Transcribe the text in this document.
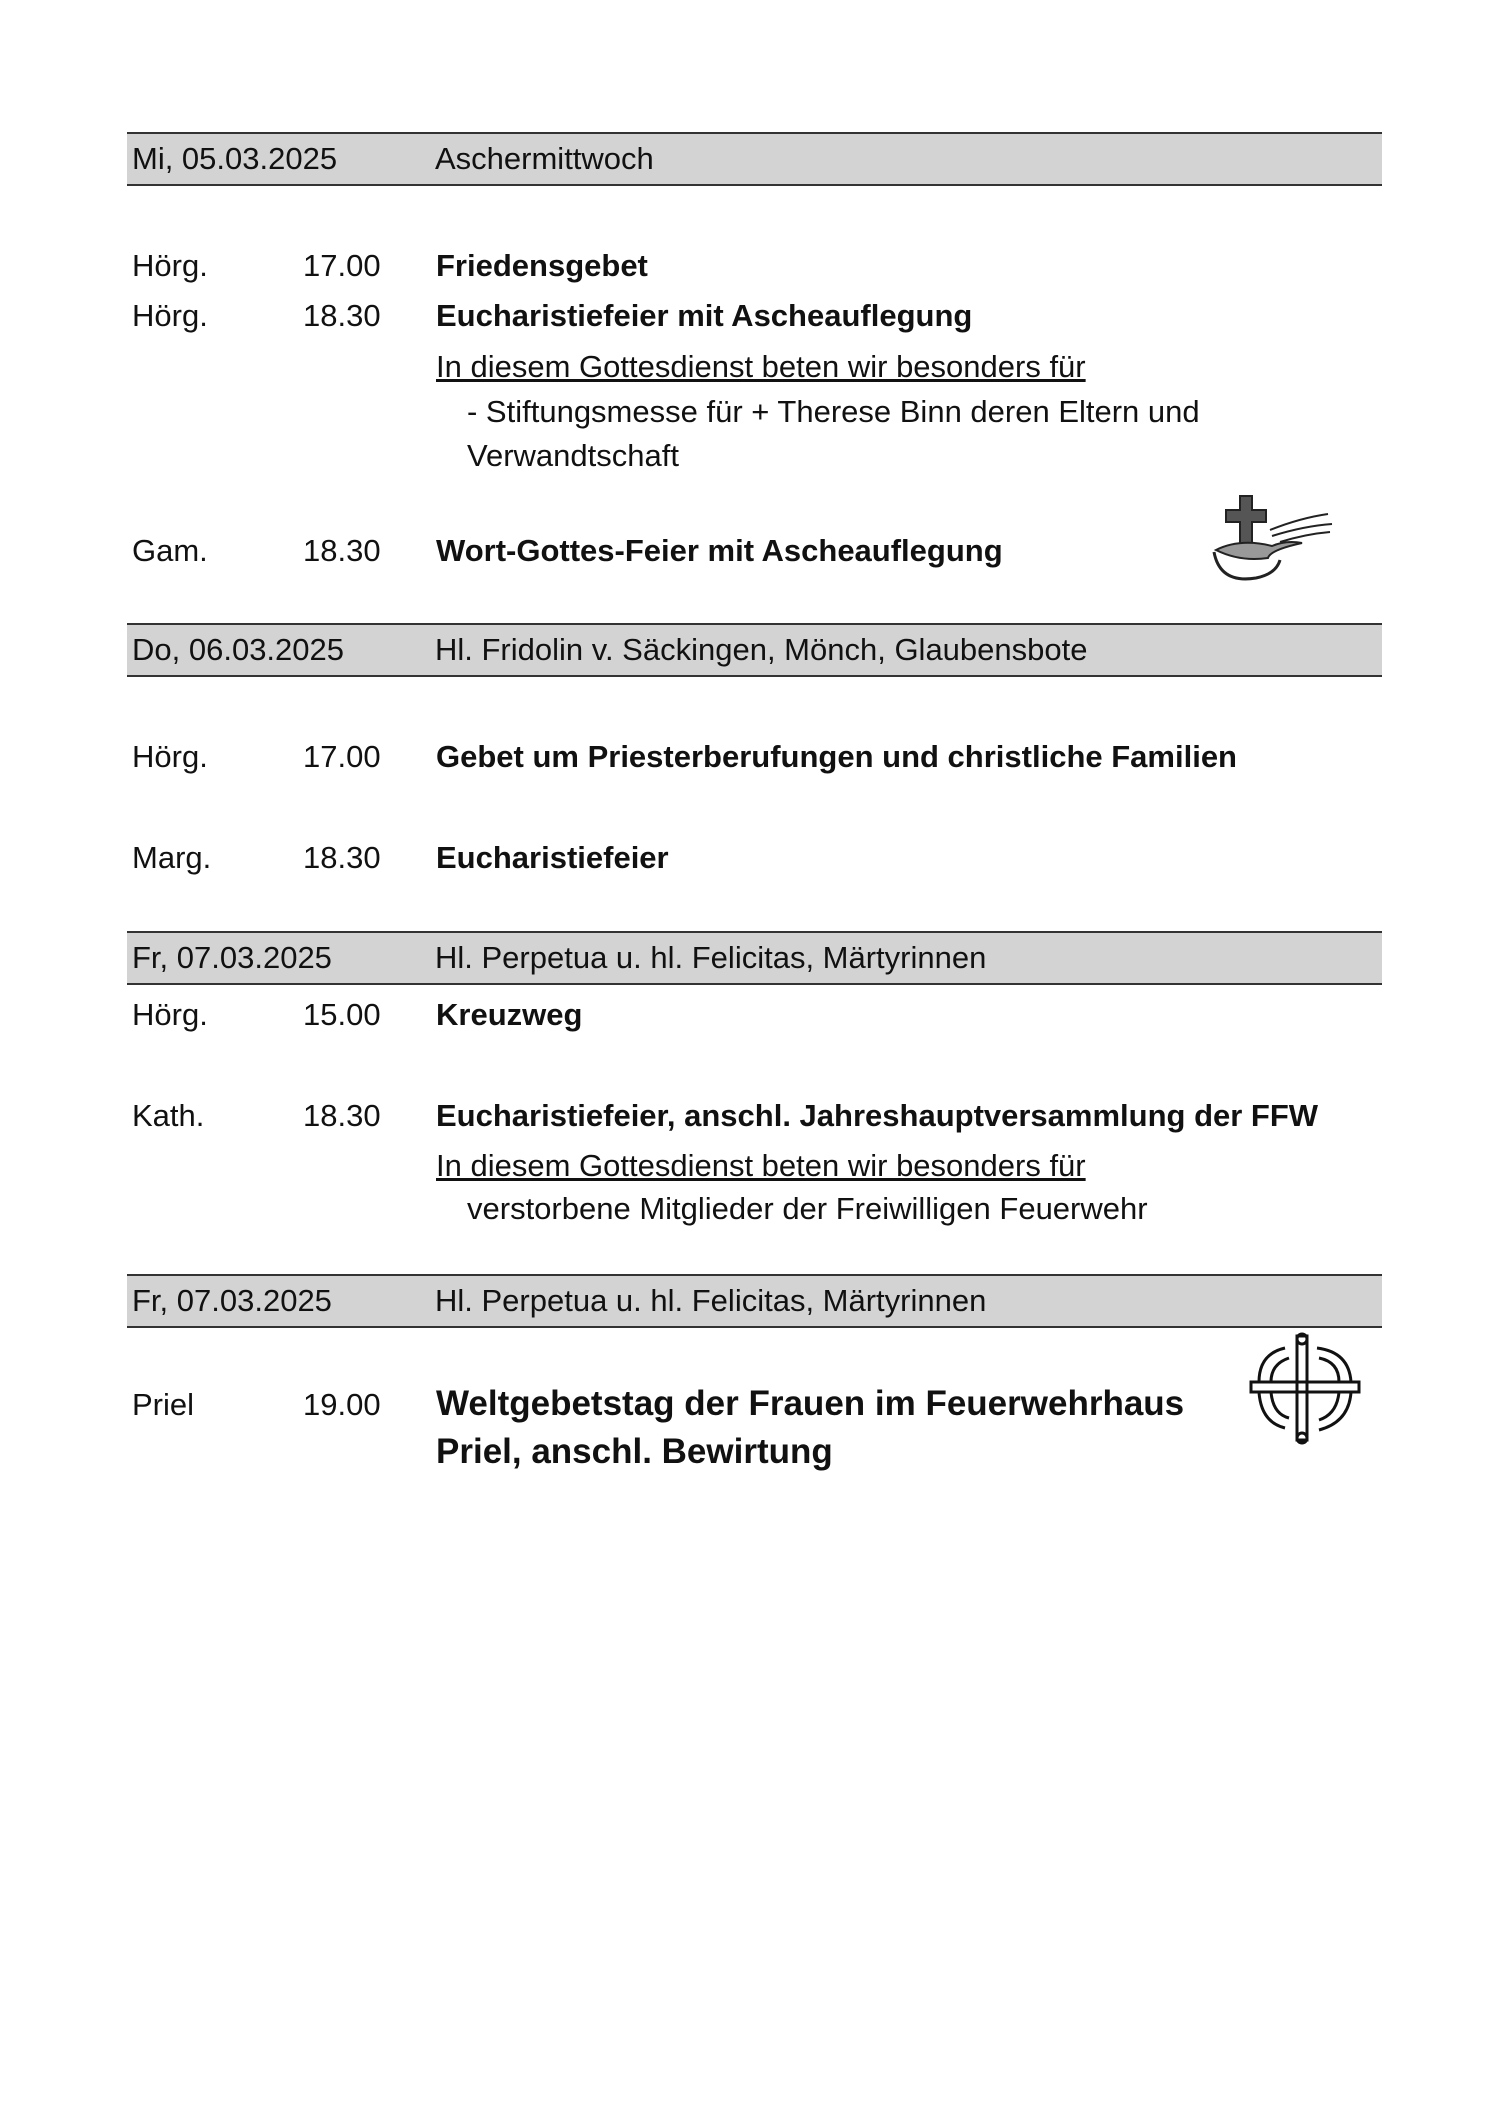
Mi, 05.03.2025	Aschermittwoch
Hörg.	17.00 Friedensgebet
Hörg.	18.30 Eucharistiefeier mit Ascheauflegung
In diesem Gottesdienst beten wir besonders für
- Stiftungsmesse für + Therese Binn deren Eltern und Verwandtschaft
Gam.	18.30 Wort-Gottes-Feier mit Ascheauflegung
Do, 06.03.2025	Hl. Fridolin v. Säckingen, Mönch, Glaubensbote
Hörg.	17.00 Gebet um Priesterberufungen und christliche Familien
Marg.	18.30 Eucharistiefeier
Fr, 07.03.2025	Hl. Perpetua u. hl. Felicitas, Märtyrinnen
Hörg.	15.00 Kreuzweg
Kath.	18.30 Eucharistiefeier, anschl. Jahreshauptversammlung der FFW
In diesem Gottesdienst beten wir besonders für
verstorbene Mitglieder der Freiwilligen Feuerwehr
Fr, 07.03.2025	Hl. Perpetua u. hl. Felicitas, Märtyrinnen
Priel	19.00 Weltgebetstag der Frauen im Feuerwehrhaus Priel, anschl. Bewirtung
